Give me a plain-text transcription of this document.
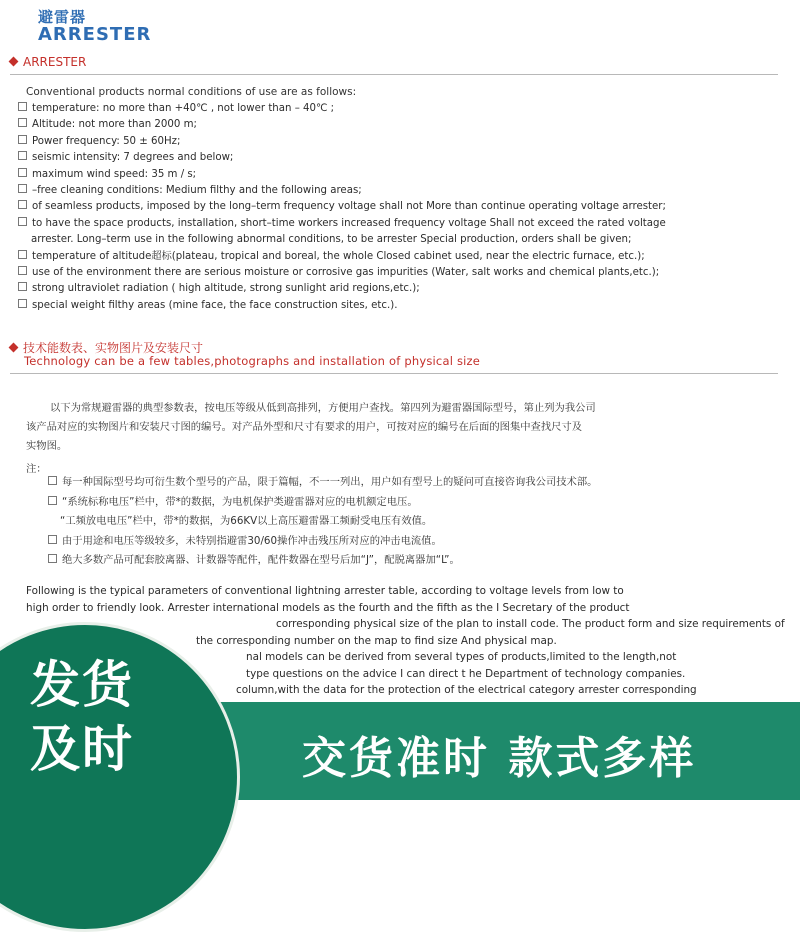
避雷器
ARRESTER
ARRESTER
Conventional products normal conditions of use are as follows:
temperature: no more than +40℃ , not lower than – 40℃ ;
Altitude: not more than 2000 m;
Power frequency: 50 ± 60Hz;
seismic intensity: 7 degrees and below;
maximum wind speed: 35 m / s;
–free cleaning conditions: Medium filthy and the following areas;
of seamless products, imposed by the long–term frequency voltage shall not More than continue operating voltage arrester;
to have the space products, installation, short–time workers increased frequency voltage Shall not exceed the rated voltage
arrester. Long–term use in the following abnormal conditions, to be arrester Special production, orders shall be given;
temperature of altitude超标(plateau, tropical and boreal, the whole Closed cabinet used, near the electric furnace, etc.);
use of the environment there are serious moisture or corrosive gas impurities (Water, salt works and chemical plants,etc.);
strong ultraviolet radiation ( high altitude, strong sunlight arid regions,etc.);
special weight filthy areas (mine face, the face construction sites, etc.).
技术能数表、实物图片及安装尺寸
Technology can be a few tables,photographs and installation of physical size
以下为常规避雷器的典型参数表，按电压等级从低到高排列，方便用户查找。第四列为避雷器国际型号，第止列为我公司
该产品对应的实物图片和安装尺寸图的编号。对产品外型和尺寸有要求的用户，可按对应的编号在后面的图集中查找尺寸及
实物图。
注：
每一种国际型号均可衍生数个型号的产品，限于篇幅，不一一列出，用户如有型号上的疑问可直接咨询我公司技术部。
“系统标称电压”栏中，带*的数据，为电机保护类避雷器对应的电机额定电压。
“工频放电电压”栏中，带*的数据，为66KV以上高压避雷器工频耐受电压有效值。
由于用途和电压等级较多，未特别指避雷30/60操作冲击残压所对应的冲击电流值。
绝大多数产品可配套胶离器、计数器等配件，配件数器在型号后加“J”，配脱离器加“L”。
Following is the typical parameters of conventional lightning arrester table, according to voltage levels from low to
high order to friendly look. Arrester international models as the fourth and the fifth as the I Secretary of the product
corresponding physical size of the plan to install code. The product form and size requirements of
the corresponding number on the map to find size And physical map.
nal models can be derived from several types of products,limited to the length,not
type questions on the advice I can direct t he Department of technology companies.
column,with the data for the protection of the electrical category arrester corresponding
发货
及时	交货准时 款式多样
